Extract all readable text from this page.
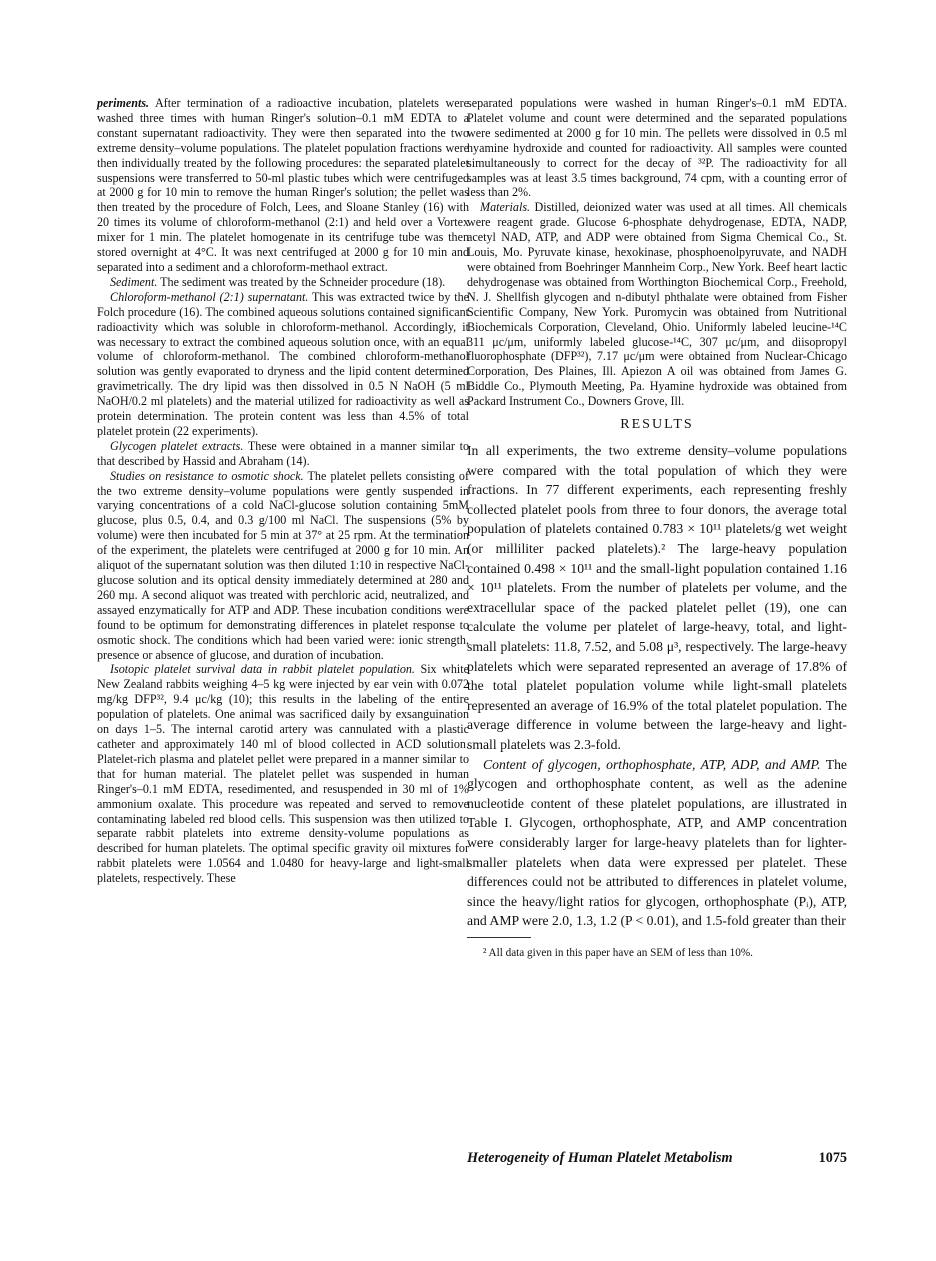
periments. After termination of a radioactive incubation, platelets were washed three times with human Ringer's solution–0.1 mM EDTA to a constant supernatant radioactivity. They were then separated into the two extreme density–volume populations. The platelet population fractions were then individually treated by the following procedures: the separated platelet suspensions were transferred to 50-ml plastic tubes which were centrifuged at 2000 g for 10 min to remove the human Ringer's solution; the pellet was then treated by the procedure of Folch, Lees, and Sloane Stanley (16) with 20 times its volume of chloroform-methanol (2:1) and held over a Vortex mixer for 1 min. The platelet homogenate in its centrifuge tube was then stored overnight at 4°C. It was next centrifuged at 2000 g for 10 min and separated into a sediment and a chloroform-methaol extract.

Sediment. The sediment was treated by the Schneider procedure (18).

Chloroform-methanol (2:1) supernatant. This was extracted twice by the Folch procedure (16). The combined aqueous solutions contained significant radioactivity which was soluble in chloroform-methanol. Accordingly, it was necessary to extract the combined aqueous solution once, with an equal volume of chloroform-methanol. The combined chloroform-methanol solution was gently evaporated to dryness and the lipid content determined gravimetrically. The dry lipid was then dissolved in 0.5 N NaOH (5 ml NaOH/0.2 ml platelets) and the material utilized for radioactivity as well as protein determination. The protein content was less than 4.5% of total platelet protein (22 experiments).

Glycogen platelet extracts. These were obtained in a manner similar to that described by Hassid and Abraham (14).

Studies on resistance to osmotic shock. The platelet pellets consisting of the two extreme density–volume populations were gently suspended in varying concentrations of a cold NaCl-glucose solution containing 5mM glucose, plus 0.5, 0.4, and 0.3 g/100 ml NaCl. The suspensions (5% by volume) were then incubated for 5 min at 37° at 25 rpm. At the termination of the experiment, the platelets were centrifuged at 2000 g for 10 min. An aliquot of the supernatant solution was then diluted 1:10 in respective NaCl-glucose solution and its optical density immediately determined at 280 and 260 mμ. A second aliquot was treated with perchloric acid, neutralized, and assayed enzymatically for ATP and ADP. These incubation conditions were found to be optimum for demonstrating differences in platelet response to osmotic shock. The conditions which had been varied were: ionic strength, presence or absence of glucose, and duration of incubation.

Isotopic platelet survival data in rabbit platelet population. Six white New Zealand rabbits weighing 4–5 kg were injected by ear vein with 0.072 mg/kg DFP³², 9.4 μc/kg (10); this results in the labeling of the entire population of platelets. One animal was sacrificed daily by exsanguination on days 1–5. The internal carotid artery was cannulated with a plastic catheter and approximately 140 ml of blood collected in ACD solution. Platelet-rich plasma and platelet pellet were prepared in a manner similar to that for human material. The platelet pellet was suspended in human Ringer's–0.1 mM EDTA, resedimented, and resuspended in 30 ml of 1% ammonium oxalate. This procedure was repeated and served to remove contaminating labeled red blood cells. This suspension was then utilized to separate rabbit platelets into extreme density-volume populations as described for human platelets. The optimal specific gravity oil mixtures for rabbit platelets were 1.0564 and 1.0480 for heavy-large and light-small platelets, respectively. These

separated populations were washed in human Ringer's–0.1 mM EDTA. Platelet volume and count were determined and the separated populations were sedimented at 2000 g for 10 min. The pellets were dissolved in 0.5 ml hyamine hydroxide and counted for radioactivity. All samples were counted simultaneously to correct for the decay of ³²P. The radioactivity for all samples was at least 3.5 times background, 74 cpm, with a counting error of less than 2%.

Materials. Distilled, deionized water was used at all times. All chemicals were reagent grade. Glucose 6-phosphate dehydrogenase, EDTA, NADP, acetyl NAD, ATP, and ADP were obtained from Sigma Chemical Co., St. Louis, Mo. Pyruvate kinase, hexokinase, phosphoenolpyruvate, and NADH were obtained from Boehringer Mannheim Corp., New York. Beef heart lactic dehydrogenase was obtained from Worthington Biochemical Corp., Freehold, N. J. Shellfish glycogen and n-dibutyl phthalate were obtained from Fisher Scientific Company, New York. Puromycin was obtained from Nutritional Biochemicals Corporation, Cleveland, Ohio. Uniformly labeled leucine-¹⁴C 311 μc/μm, uniformly labeled glucose-¹⁴C, 307 μc/μm, and diisopropyl fluorophosphate (DFP³²), 7.17 μc/μm were obtained from Nuclear-Chicago Corporation, Des Plaines, Ill. Apiezon A oil was obtained from James G. Biddle Co., Plymouth Meeting, Pa. Hyamine hydroxide was obtained from Packard Instrument Co., Downers Grove, Ill.

RESULTS

In all experiments, the two extreme density–volume populations were compared with the total population of which they were fractions. In 77 different experiments, each representing freshly collected platelet pools from three to four donors, the average total population of platelets contained 0.783 × 10¹¹ platelets/g wet weight (or milliliter packed platelets).² The large-heavy population contained 0.498 × 10¹¹ and the small-light population contained 1.16 × 10¹¹ platelets. From the number of platelets per volume, and the extracellular space of the packed platelet pellet (19), one can calculate the volume per platelet of large-heavy, total, and light-small platelets: 11.8, 7.52, and 5.08 μ³, respectively. The large-heavy platelets which were separated represented an average of 17.8% of the total platelet population volume while light-small platelets represented an average of 16.9% of the total platelet population. The average difference in volume between the large-heavy and light-small platelets was 2.3-fold.

Content of glycogen, orthophosphate, ATP, ADP, and AMP. The glycogen and orthophosphate content, as well as the adenine nucleotide content of these platelet populations, are illustrated in Table I. Glycogen, orthophosphate, ATP, and AMP concentration were considerably larger for large-heavy platelets than for lighter-smaller platelets when data were expressed per platelet. These differences could not be attributed to differences in platelet volume, since the heavy/light ratios for glycogen, orthophosphate (Pᵢ), ATP, and AMP were 2.0, 1.3, 1.2 (P < 0.01), and 1.5-fold greater than their

² All data given in this paper have an SEM of less than 10%.
Heterogeneity of Human Platelet Metabolism	1075
